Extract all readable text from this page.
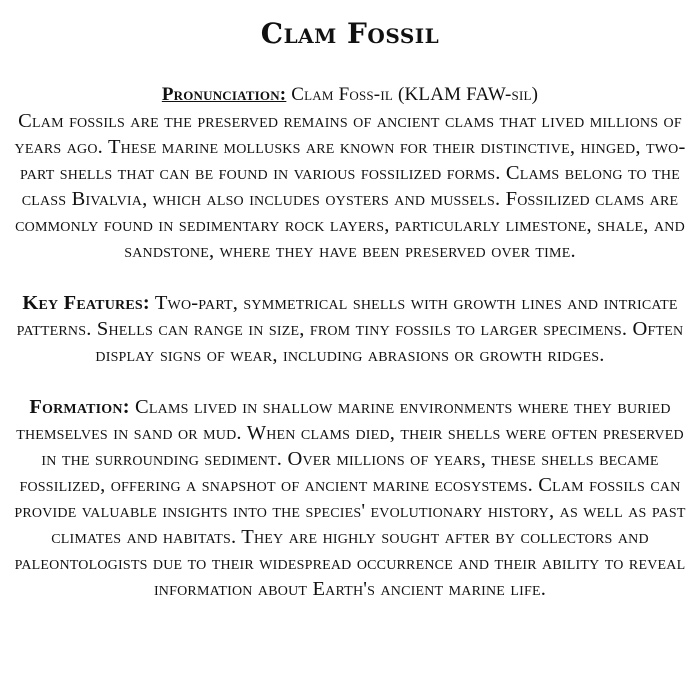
Clam Fossil

Pronunciation: Clam Foss-il (KLAM FAW-sil)

Clam fossils are the preserved remains of ancient clams that lived millions of years ago. These marine mollusks are known for their distinctive, hinged, two-part shells that can be found in various fossilized forms. Clams belong to the class Bivalvia, which also includes oysters and mussels. Fossilized clams are commonly found in sedimentary rock layers, particularly limestone, shale, and sandstone, where they have been preserved over time.

Key Features: Two-part, symmetrical shells with growth lines and intricate patterns. Shells can range in size, from tiny fossils to larger specimens. Often display signs of wear, including abrasions or growth ridges.

Formation: Clams lived in shallow marine environments where they buried themselves in sand or mud. When clams died, their shells were often preserved in the surrounding sediment. Over millions of years, these shells became fossilized, offering a snapshot of ancient marine ecosystems. Clam fossils can provide valuable insights into the species' evolutionary history, as well as past climates and habitats. They are highly sought after by collectors and paleontologists due to their widespread occurrence and their ability to reveal information about Earth's ancient marine life.
